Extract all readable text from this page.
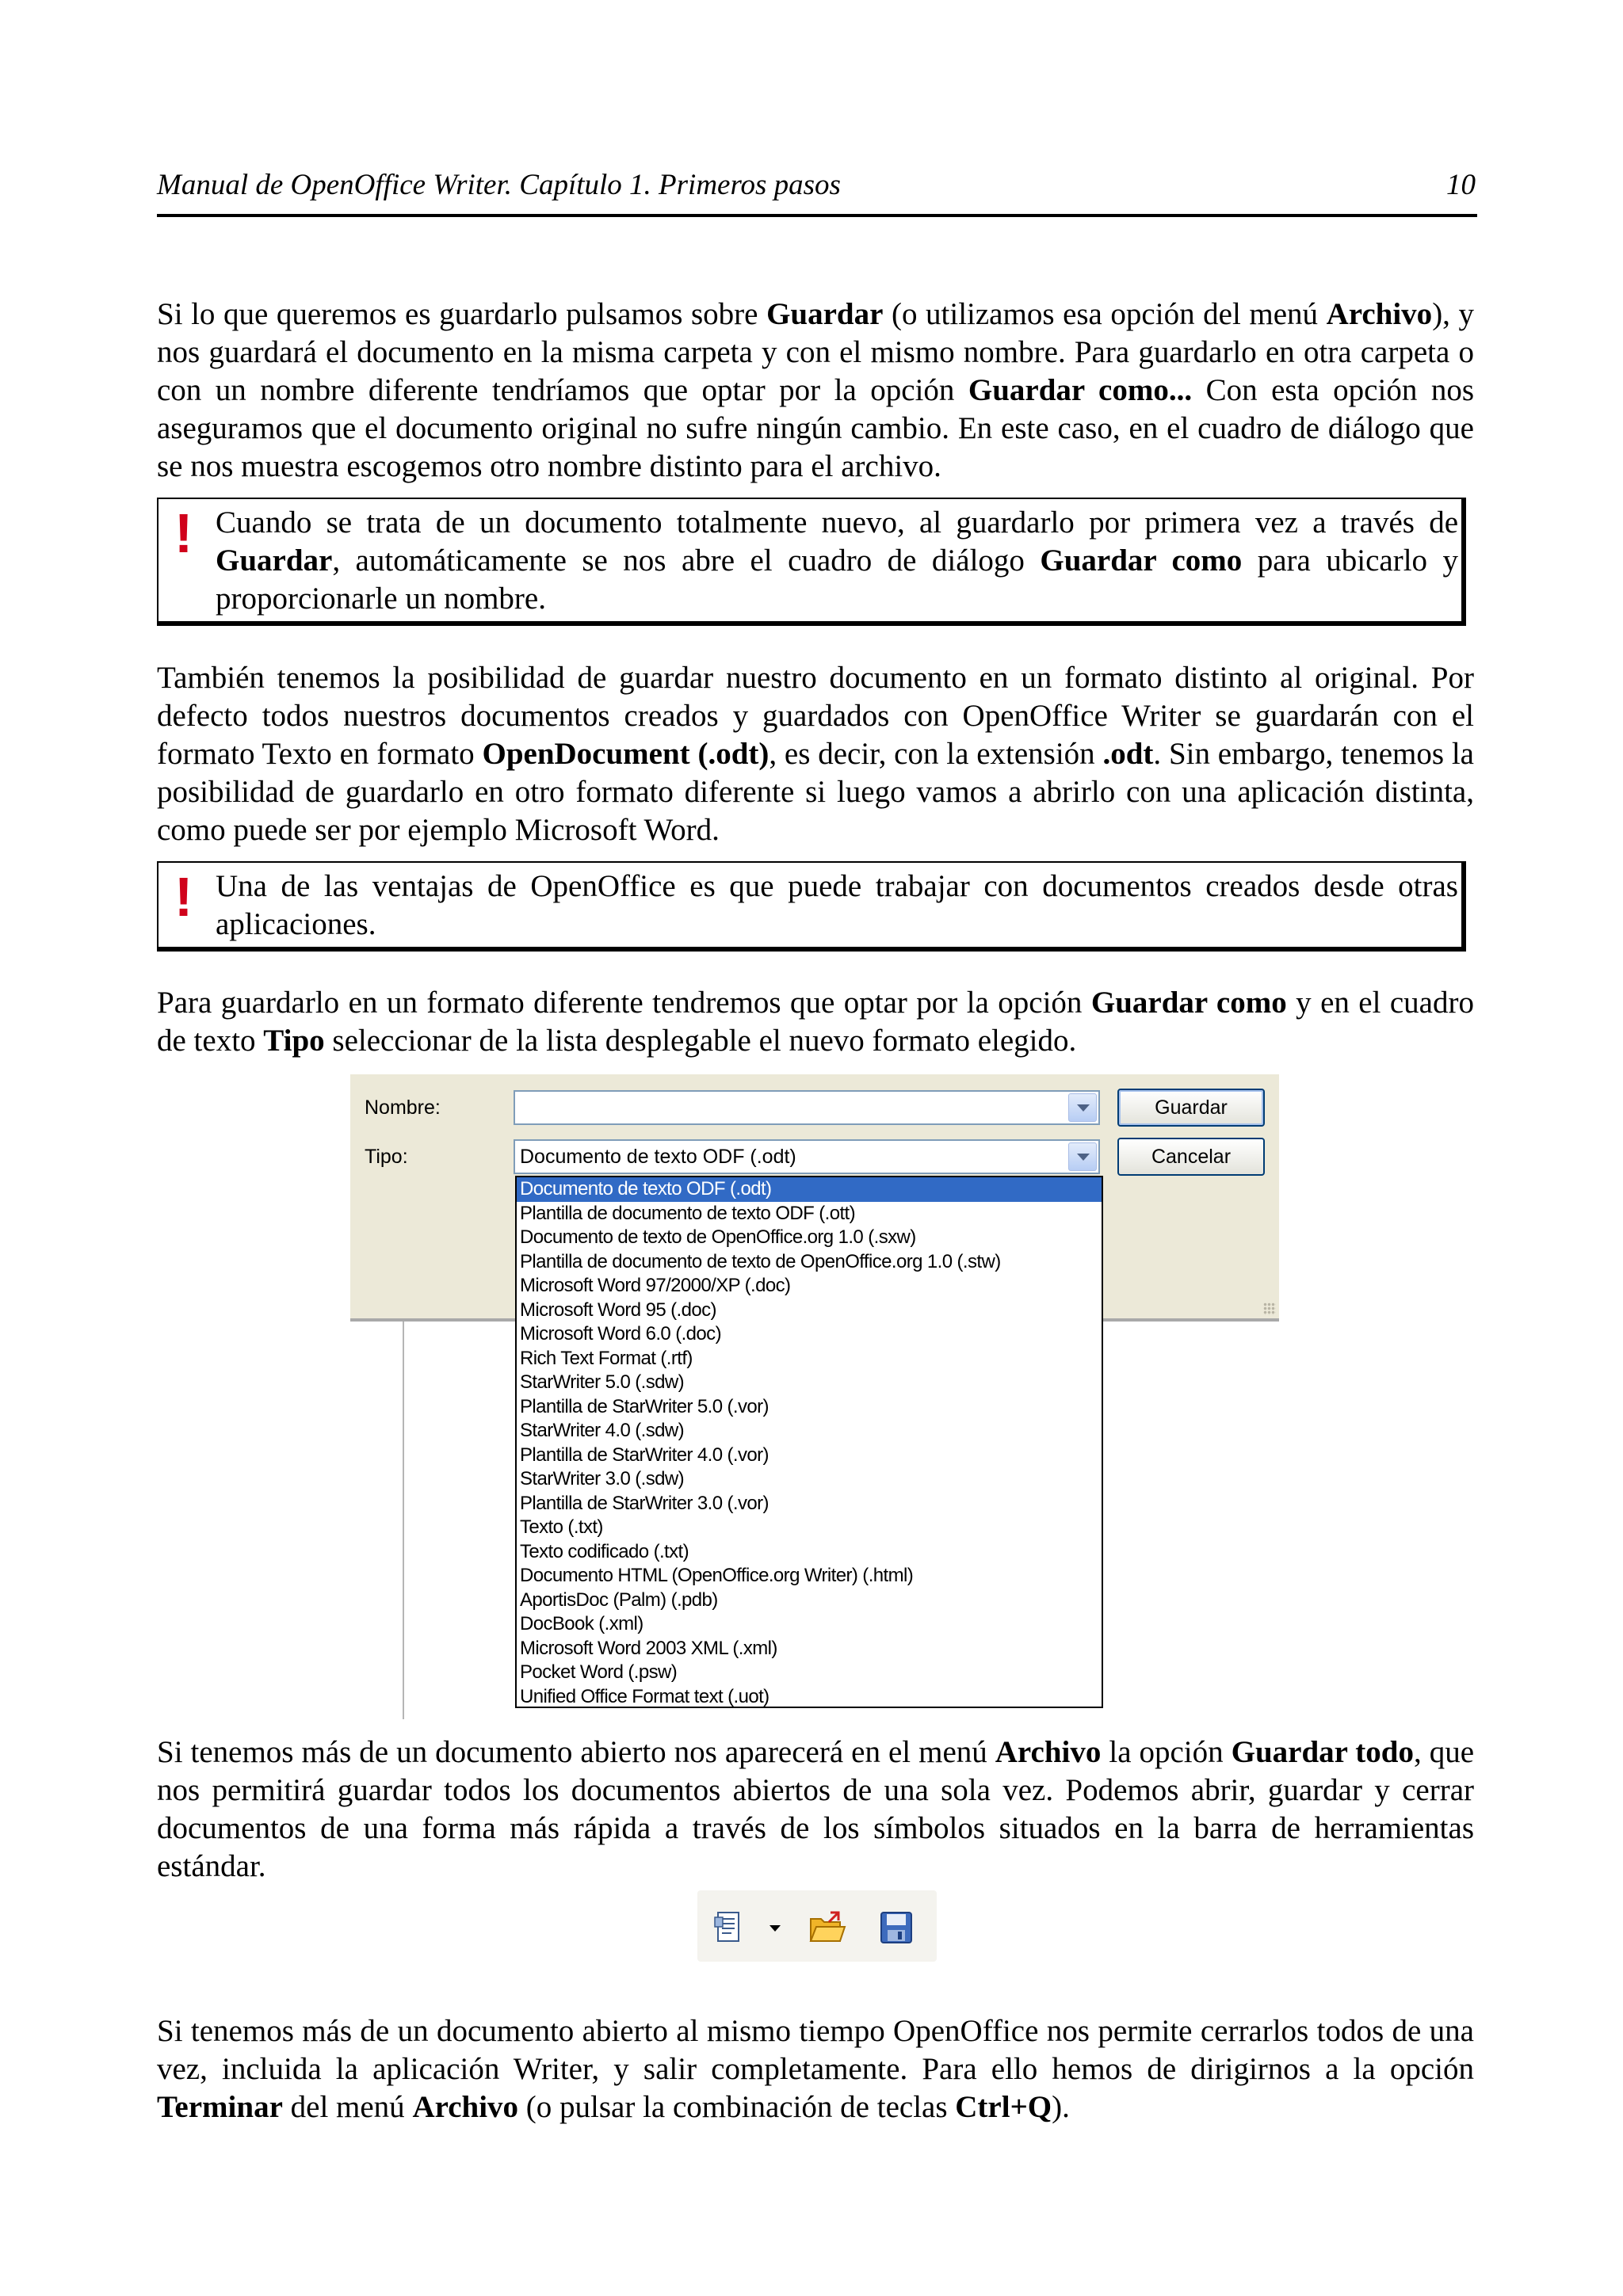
Manual de OpenOffice Writer. Capítulo 1. Primeros pasos	10

Si lo que queremos es guardarlo pulsamos sobre Guardar (o utilizamos esa opción del menú Archivo), y nos guardará el documento en la misma carpeta y con el mismo nombre. Para guardarlo en otra carpeta o con un nombre diferente tendríamos que optar por la opción Guardar como... Con esta opción nos aseguramos que el documento original no sufre ningún cambio. En este caso, en el cuadro de diálogo que se nos muestra escogemos otro nombre distinto para el archivo.

! Cuando se trata de un documento totalmente nuevo, al guardarlo por primera vez a través de Guardar, automáticamente se nos abre el cuadro de diálogo Guardar como para ubicarlo y proporcionarle un nombre.

También tenemos la posibilidad de guardar nuestro documento en un formato distinto al original. Por defecto todos nuestros documentos creados y guardados con OpenOffice Writer se guardarán con el formato Texto en formato OpenDocument (.odt), es decir, con la extensión .odt. Sin embargo, tenemos la posibilidad de guardarlo en otro formato diferente si luego vamos a abrirlo con una aplicación distinta, como puede ser por ejemplo Microsoft Word.

! Una de las ventajas de OpenOffice es que puede trabajar con documentos creados desde otras aplicaciones.

Para guardarlo en un formato diferente tendremos que optar por la opción Guardar como y en el cuadro de texto Tipo seleccionar de la lista desplegable el nuevo formato elegido.

Si tenemos más de un documento abierto nos aparecerá en el menú Archivo la opción Guardar todo, que nos permitirá guardar todos los documentos abiertos de una sola vez. Podemos abrir, guardar y cerrar documentos de una forma más rápida a través de los símbolos situados en la barra de herramientas estándar.

Si tenemos más de un documento abierto al mismo tiempo OpenOffice nos permite cerrarlos todos de una vez, incluida la aplicación Writer, y salir completamente. Para ello hemos de dirigirnos a la opción Terminar del menú Archivo (o pulsar la combinación de teclas Ctrl+Q).

Nombre:	Guardar
Tipo:	Documento de texto ODF (.odt)	Cancelar
Documento de texto ODF (.odt)
Plantilla de documento de texto ODF (.ott)
Documento de texto de OpenOffice.org 1.0 (.sxw)
Plantilla de documento de texto de OpenOffice.org 1.0 (.stw)
Microsoft Word 97/2000/XP (.doc)
Microsoft Word 95 (.doc)
Microsoft Word 6.0 (.doc)
Rich Text Format (.rtf)
StarWriter 5.0 (.sdw)
Plantilla de StarWriter 5.0 (.vor)
StarWriter 4.0 (.sdw)
Plantilla de StarWriter 4.0 (.vor)
StarWriter 3.0 (.sdw)
Plantilla de StarWriter 3.0 (.vor)
Texto (.txt)
Texto codificado (.txt)
Documento HTML (OpenOffice.org Writer) (.html)
AportisDoc (Palm) (.pdb)
DocBook (.xml)
Microsoft Word 2003 XML (.xml)
Pocket Word (.psw)
Unified Office Format text (.uot)
